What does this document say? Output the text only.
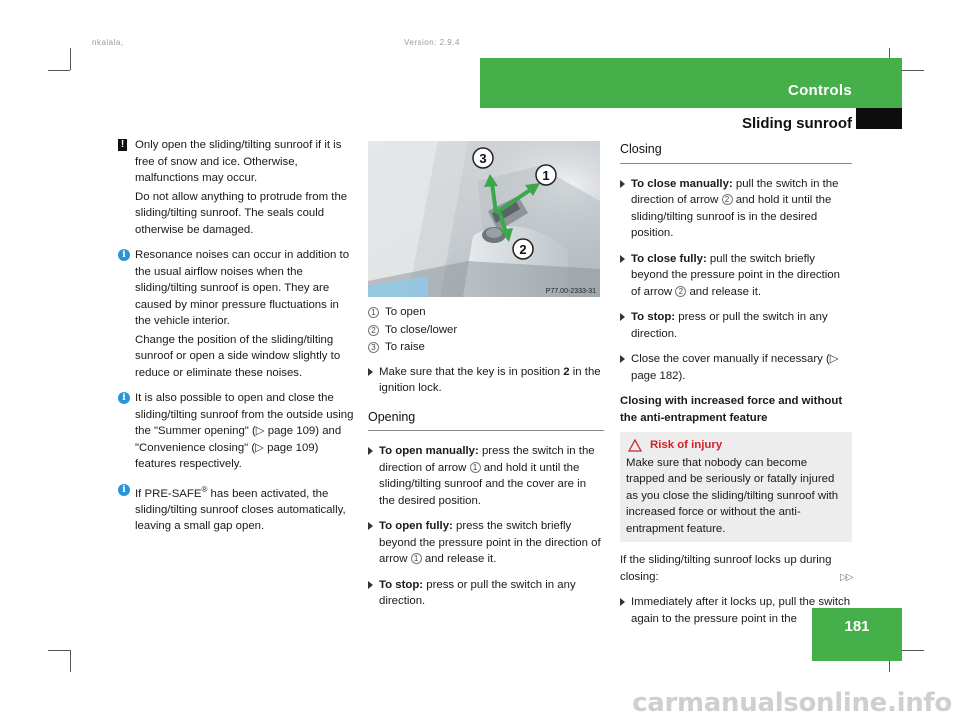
nkalala,	Version: 2.9.4
Controls
Sliding sunroof
! Only open the sliding/tilting sunroof if it is free of snow and ice. Otherwise, malfunctions may occur.
Do not allow anything to protrude from the sliding/tilting sunroof. The seals could otherwise be damaged.

i Resonance noises can occur in addition to the usual airflow noises when the sliding/tilting sunroof is open. They are caused by minor pressure fluctuations in the vehicle interior.
Change the position of the sliding/tilting sunroof or open a side window slightly to reduce or eliminate these noises.

i It is also possible to open and close the sliding/tilting sunroof from the outside using the "Summer opening" (▷ page 109) and "Convenience closing" (▷ page 109) features respectively.

i If PRE-SAFE® has been activated, the sliding/tilting sunroof closes automatically, leaving a small gap open.
3
1
2
P77.00-2333-31
1 To open
2 To close/lower
3 To raise
Make sure that the key is in position 2 in the ignition lock.
Opening
To open manually: press the switch in the direction of arrow 1 and hold it until the sliding/tilting sunroof and the cover are in the desired position.
To open fully: press the switch briefly beyond the pressure point in the direction of arrow 1 and release it.
To stop: press or pull the switch in any direction.
Closing
To close manually: pull the switch in the direction of arrow 2 and hold it until the sliding/tilting sunroof is in the desired position.
To close fully: pull the switch briefly beyond the pressure point in the direction of arrow 2 and release it.
To stop: press or pull the switch in any direction.
Close the cover manually if necessary (▷ page 182).
Closing with increased force and without the anti-entrapment feature
Risk of injury
Make sure that nobody can become trapped and be seriously or fatally injured as you close the sliding/tilting sunroof with increased force or without the anti-entrapment feature.

If the sliding/tilting sunroof locks up during closing:

Immediately after it locks up, pull the switch again to the pressure point in the
▷▷
181
carmanualsonline.info
